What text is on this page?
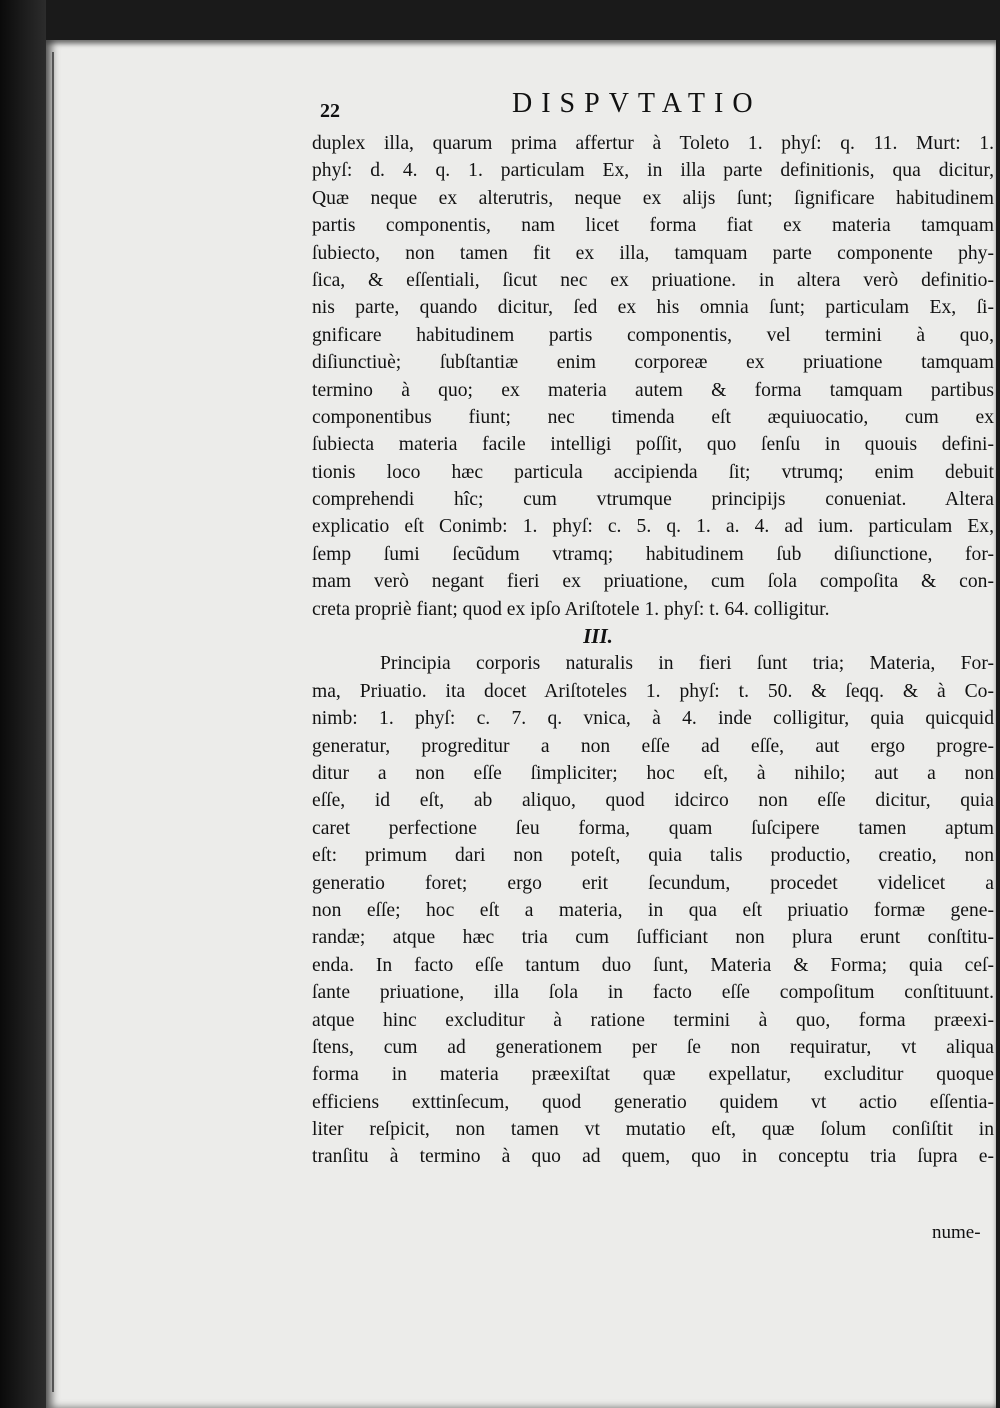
22	DISPVTATIO
duplex illa, quarum prima affertur à Toleto 1. phyſ: q. 11. Murt: 1.
phyſ: d. 4. q. 1. particulam Ex, in illa parte definitionis, qua dicitur,
Quæ neque ex alterutris, neque ex alijs ſunt; ſignificare habitudinem
partis componentis, nam licet forma fiat ex materia tamquam
ſubiecto, non tamen fit ex illa, tamquam parte componente phy-
ſica, & eſſentiali, ſicut nec ex priuatione. in altera verò definitio-
nis parte, quando dicitur, ſed ex his omnia ſunt; particulam Ex, ſi-
gnificare habitudinem partis componentis, vel termini à quo,
diſiunctiuè; ſubſtantiæ enim corporeæ ex priuatione tamquam
termino à quo; ex materia autem & forma tamquam partibus
componentibus fiunt; nec timenda eſt æquiuocatio, cum ex
ſubiecta materia facile intelligi poſſit, quo ſenſu in quouis defini-
tionis loco hæc particula accipienda ſit; vtrumq; enim debuit
comprehendi hîc; cum vtrumque principijs conueniat. Altera
explicatio eſt Conimb: 1. phyſ: c. 5. q. 1. a. 4. ad ium. particulam Ex,
ſemp ſumi ſecũdum vtramq; habitudinem ſub diſiunctione, for-
mam verò negant fieri ex priuatione, cum ſola compoſita & con-
creta propriè fiant; quod ex ipſo Ariſtotele 1. phyſ: t. 64. colligitur.
III.
Principia corporis naturalis in fieri ſunt tria; Materia, For-
ma, Priuatio. ita docet Ariſtoteles 1. phyſ: t. 50. & ſeqq. & à Co-
nimb: 1. phyſ: c. 7. q. vnica, à 4. inde colligitur, quia quicquid
generatur, progreditur a non eſſe ad eſſe, aut ergo progre-
ditur a non eſſe ſimpliciter; hoc eſt, à nihilo; aut a non
eſſe, id eſt, ab aliquo, quod idcirco non eſſe dicitur, quia
caret perfectione ſeu forma, quam ſuſcipere tamen aptum
eſt: primum dari non poteſt, quia talis productio, creatio, non
generatio foret; ergo erit ſecundum, procedet videlicet a
non eſſe; hoc eſt a materia, in qua eſt priuatio formæ gene-
randæ; atque hæc tria cum ſufficiant non plura erunt conſtitu-
enda. In facto eſſe tantum duo ſunt, Materia & Forma; quia ceſ-
ſante priuatione, illa ſola in facto eſſe compoſitum conſtituunt.
atque hinc excluditur à ratione termini à quo, forma præexi-
ſtens, cum ad generationem per ſe non requiratur, vt aliqua
forma in materia præexiſtat quæ expellatur, excluditur quoque
efficiens exttinſecum, quod generatio quidem vt actio eſſentia-
liter reſpicit, non tamen vt mutatio eſt, quæ ſolum conſiſtit in
tranſitu à termino à quo ad quem, quo in conceptu tria ſupra e-
nume-
